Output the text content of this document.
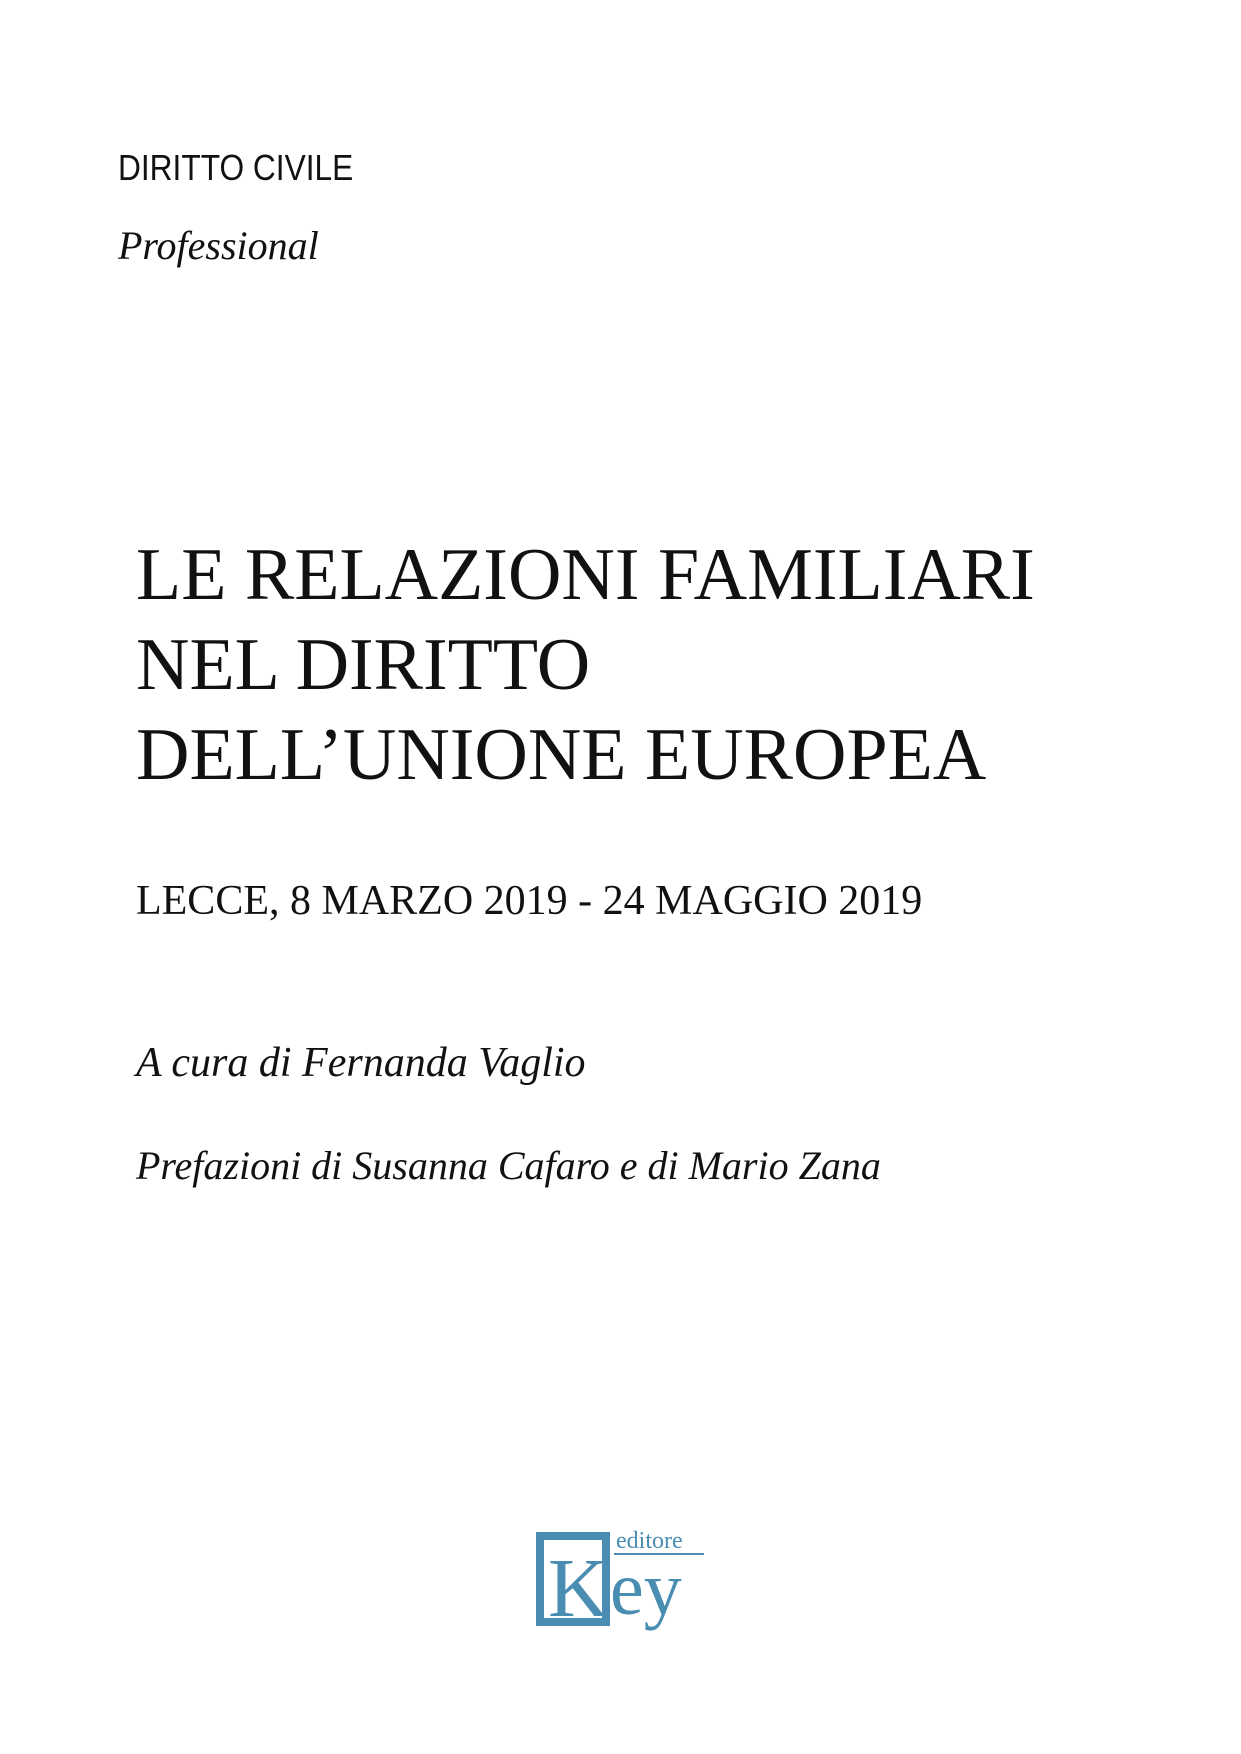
DIRITTO CIVILE

Professional

LE RELAZIONI FAMILIARI
NEL DIRITTO
DELL’UNIONE EUROPEA

LECCE, 8 MARZO 2019 - 24 MAGGIO 2019

A cura di Fernanda Vaglio

Prefazioni di Susanna Cafaro e di Mario Zana

K
editore
ey
